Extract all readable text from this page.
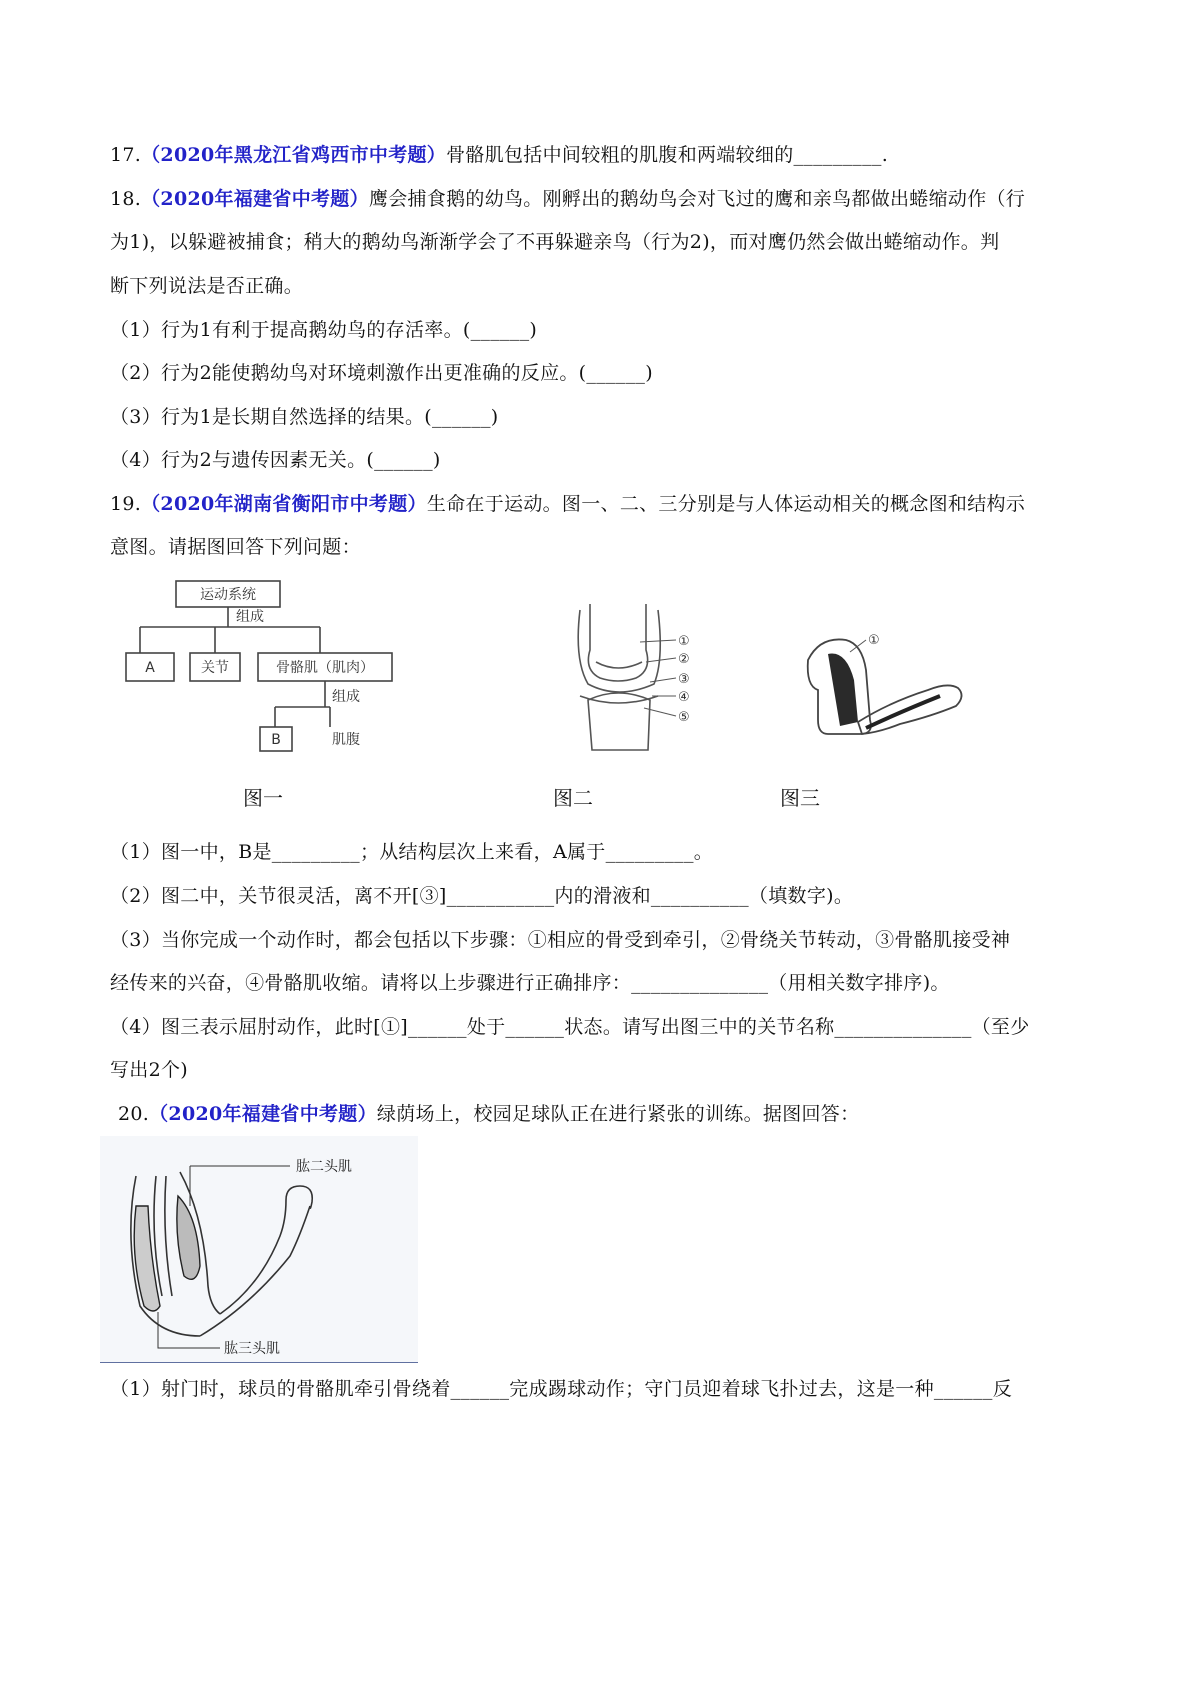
17.（2020年黑龙江省鸡西市中考题）骨骼肌包括中间较粗的肌腹和两端较细的_________.
18.（2020年福建省中考题）鹰会捕食鹅的幼鸟。刚孵出的鹅幼鸟会对飞过的鹰和亲鸟都做出蜷缩动作（行
为1)，以躲避被捕食；稍大的鹅幼鸟渐渐学会了不再躲避亲鸟（行为2)，而对鹰仍然会做出蜷缩动作。判
断下列说法是否正确。
（1）行为1有利于提高鹅幼鸟的存活率。(______)
（2）行为2能使鹅幼鸟对环境刺激作出更准确的反应。(______)
（3）行为1是长期自然选择的结果。(______)
（4）行为2与遗传因素无关。(______)
19.（2020年湖南省衡阳市中考题）生命在于运动。图一、二、三分别是与人体运动相关的概念图和结构示
意图。请据图回答下列问题：
运动系统
组成
A	关节	骨骼肌（肌肉）
组成
B	肌腹
①
②
③
④
⑤
①
图一	图二	图三
（1）图一中，B是_________；从结构层次上来看，A属于_________。
（2）图二中，关节很灵活，离不开[③]___________内的滑液和__________（填数字)。
（3）当你完成一个动作时，都会包括以下步骤：①相应的骨受到牵引，②骨绕关节转动，③骨骼肌接受神
经传来的兴奋，④骨骼肌收缩。请将以上步骤进行正确排序：______________（用相关数字排序)。
（4）图三表示屈肘动作，此时[①]______处于______状态。请写出图三中的关节名称______________（至少
写出2个)
20.（2020年福建省中考题）绿荫场上，校园足球队正在进行紧张的训练。据图回答：
肱二头肌
肱三头肌
（1）射门时，球员的骨骼肌牵引骨绕着______完成踢球动作；守门员迎着球飞扑过去，这是一种______反
